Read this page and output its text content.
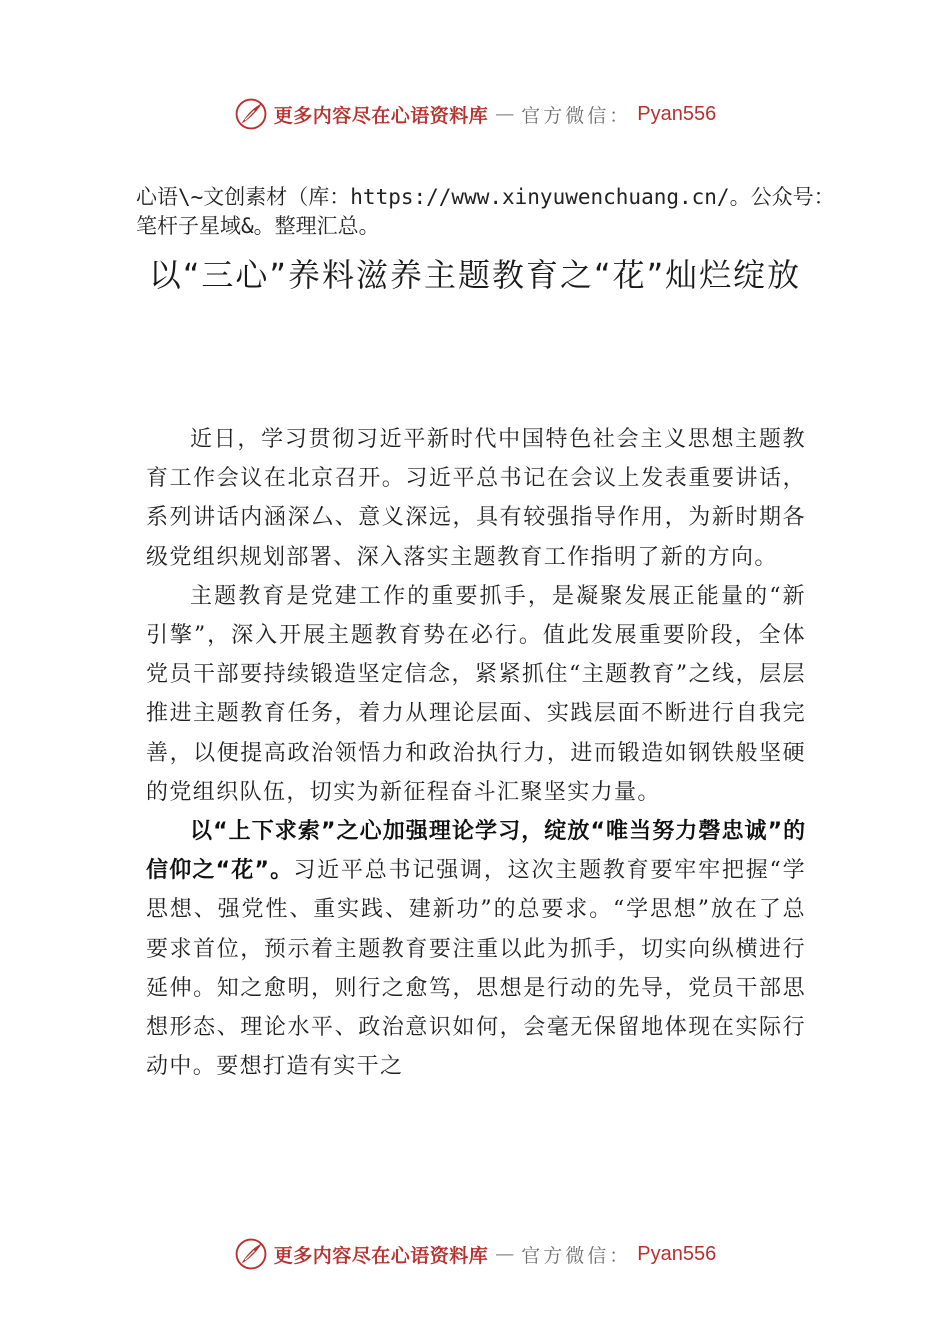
更多内容尽在心语资料库 — 官方微信： Pyan556
心语\~文创素材（库：https://www.xinyuwenchuang.cn/。公众号：笔杆子星域&。整理汇总。
以“三心”养料滋养主题教育之“花”灿烂绽放

近日，学习贯彻习近平新时代中国特色社会主义思想主题教育工作会议在北京召开。习近平总书记在会议上发表重要讲话，系列讲话内涵深厶、意义深远，具有较强指导作用，为新时期各级党组织规划部署、深入落实主题教育工作指明了新的方向。

主题教育是党建工作的重要抓手，是凝聚发展正能量的“新引擎”，深入开展主题教育势在必行。值此发展重要阶段，全体党员干部要持续锻造坚定信念，紧紧抓住“主题教育”之线，层层推进主题教育任务，着力从理论层面、实践层面不断进行自我完善，以便提高政治领悟力和政治执行力，进而锻造如钢铁般坚硬的党组织队伍，切实为新征程奋斗汇聚坚实力量。

以“上下求索”之心加强理论学习，绽放“唯当努力磬忠诚”的信仰之“花”。习近平总书记强调，这次主题教育要牢牢把握“学思想、强党性、重实践、建新功”的总要求。“学思想”放在了总要求首位，预示着主题教育要注重以此为抓手，切实向纵横进行延伸。知之愈明，则行之愈笃，思想是行动的先导，党员干部思想形态、理论水平、政治意识如何，会毫无保留地体现在实际行动中。要想打造有实干之

更多内容尽在心语资料库 — 官方微信： Pyan556
